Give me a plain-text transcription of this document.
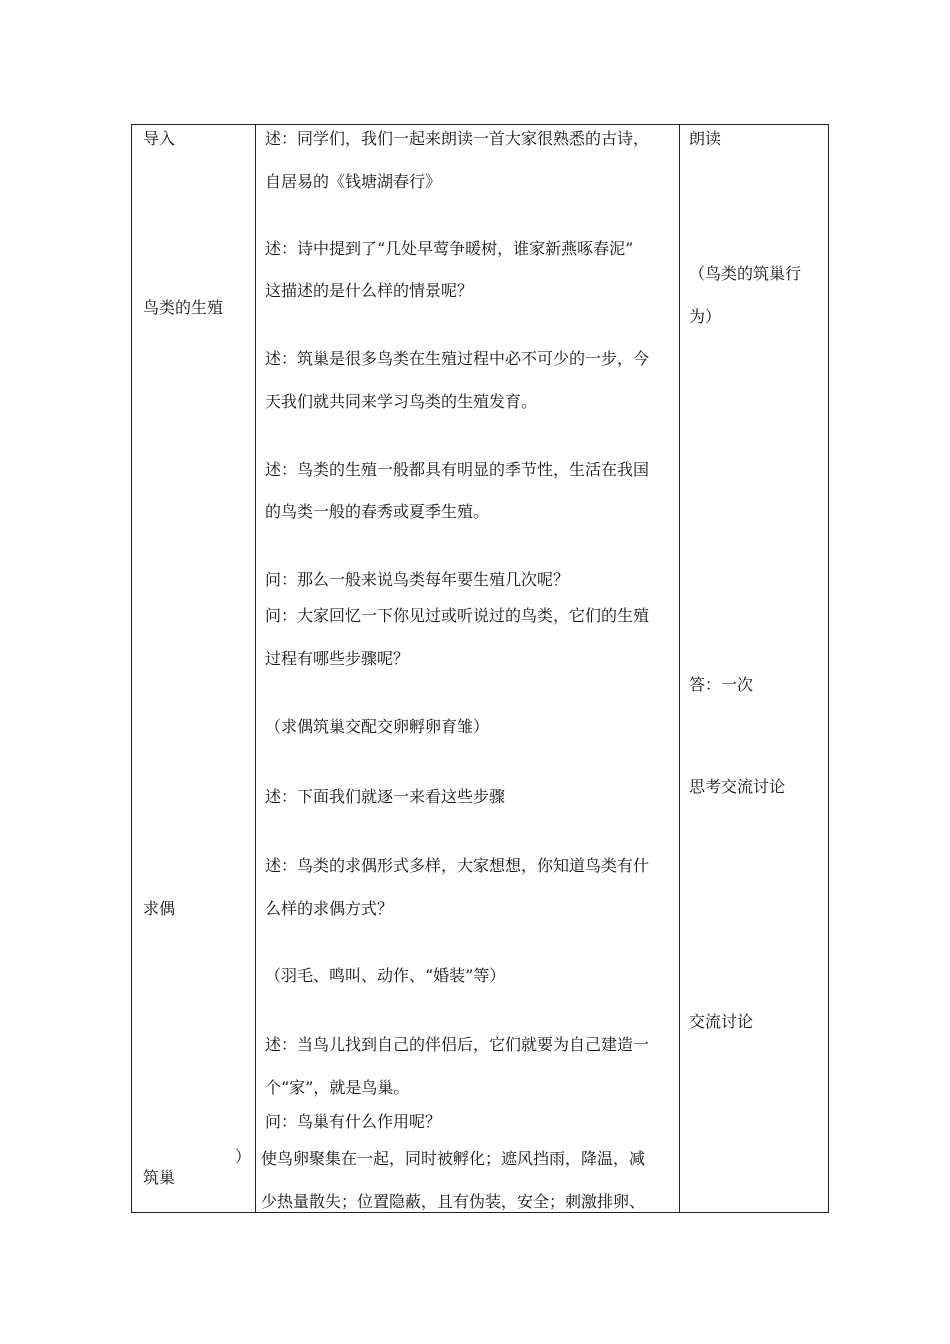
导入
鸟类的生殖
求偶
筑巢
述：同学们，我们一起来朗读一首大家很熟悉的古诗，
自居易的《钱塘湖春行》
述：诗中提到了“几处早莺争暖树，谁家新燕啄春泥”
这描述的是什么样的情景呢？
述：筑巢是很多鸟类在生殖过程中必不可少的一步，今
天我们就共同来学习鸟类的生殖发育。
述：鸟类的生殖一般都具有明显的季节性，生活在我国
的鸟类一般的春秀或夏季生殖。
问：那么一般来说鸟类每年要生殖几次呢？
问：大家回忆一下你见过或听说过的鸟类，它们的生殖
过程有哪些步骤呢？
（求偶筑巢交配交卵孵卵育雏）
述：下面我们就逐一来看这些步骤
述：鸟类的求偶形式多样，大家想想，你知道鸟类有什
么样的求偶方式？
（羽毛、鸣叫、动作、“婚装”等）
述：当鸟儿找到自己的伴侣后，它们就要为自己建造一
个“家”，就是鸟巢。
问：鸟巢有什么作用呢？
） 使鸟卵聚集在一起，同时被孵化；遮风挡雨，降温，减
少热量散失；位置隐蔽，且有伪装，安全；刺激排卵、
朗读
（鸟类的筑巢行
为）
答：一次
思考交流讨论
交流讨论
